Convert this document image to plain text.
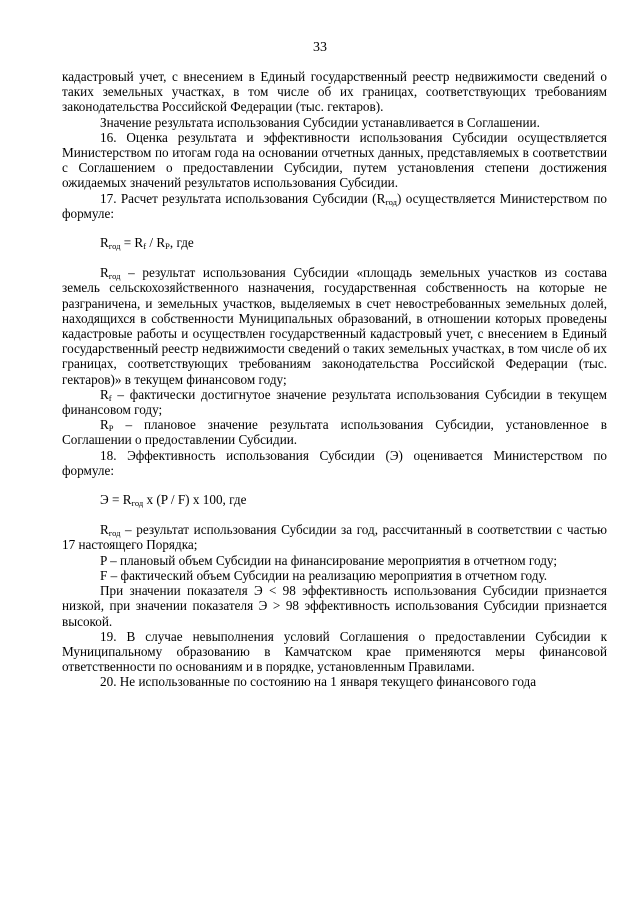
33

кадастровый учет, с внесением в Единый государственный реестр недвижимости сведений о таких земельных участках, в том числе об их границах, соответствующих требованиям законодательства Российской Федерации (тыс. гектаров).

Значение результата использования Субсидии устанавливается в Соглашении.

16. Оценка результата и эффективности использования Субсидии осуществляется Министерством по итогам года на основании отчетных данных, представляемых в соответствии с Соглашением о предоставлении Субсидии, путем установления степени достижения ожидаемых значений результатов использования Субсидии.

17. Расчет результата использования Субсидии $(R_{год})$ осуществляется Министерством по формуле:

$R_{год} = R_f / R_P$, где

$R_{год}$ – результат использования Субсидии «площадь земельных участков из состава земель сельскохозяйственного назначения, государственная собственность на которые не разграничена, и земельных участков, выделяемых в счет невостребованных земельных долей, находящихся в собственности Муниципальных образований, в отношении которых проведены кадастровые работы и осуществлен государственный кадастровый учет, с внесением в Единый государственный реестр недвижимости сведений о таких земельных участках, в том числе об их границах, соответствующих требованиям законодательства Российской Федерации (тыс. гектаров)» в текущем финансовом году;

$R_f$ – фактически достигнутое значение результата использования Субсидии в текущем финансовом году;

$R_P$ – плановое значение результата использования Субсидии, установленное в Соглашении о предоставлении Субсидии.

18. Эффективность использования Субсидии (Э) оценивается Министерством по формуле:

$Э = R_{год}$ х (P / F) х 100, где

$R_{год}$ – результат использования Субсидии за год, рассчитанный в соответствии с частью 17 настоящего Порядка;

P – плановый объем Субсидии на финансирование мероприятия в отчетном году;

F – фактический объем Субсидии на реализацию мероприятия в отчетном году.

При значении показателя Э < 98 эффективность использования Субсидии признается низкой, при значении показателя Э > 98 эффективность использования Субсидии признается высокой.

19. В случае невыполнения условий Соглашения о предоставлении Субсидии к Муниципальному образованию в Камчатском крае применяются меры финансовой ответственности по основаниям и в порядке, установленным Правилами.

20. Не использованные по состоянию на 1 января текущего финансового года
